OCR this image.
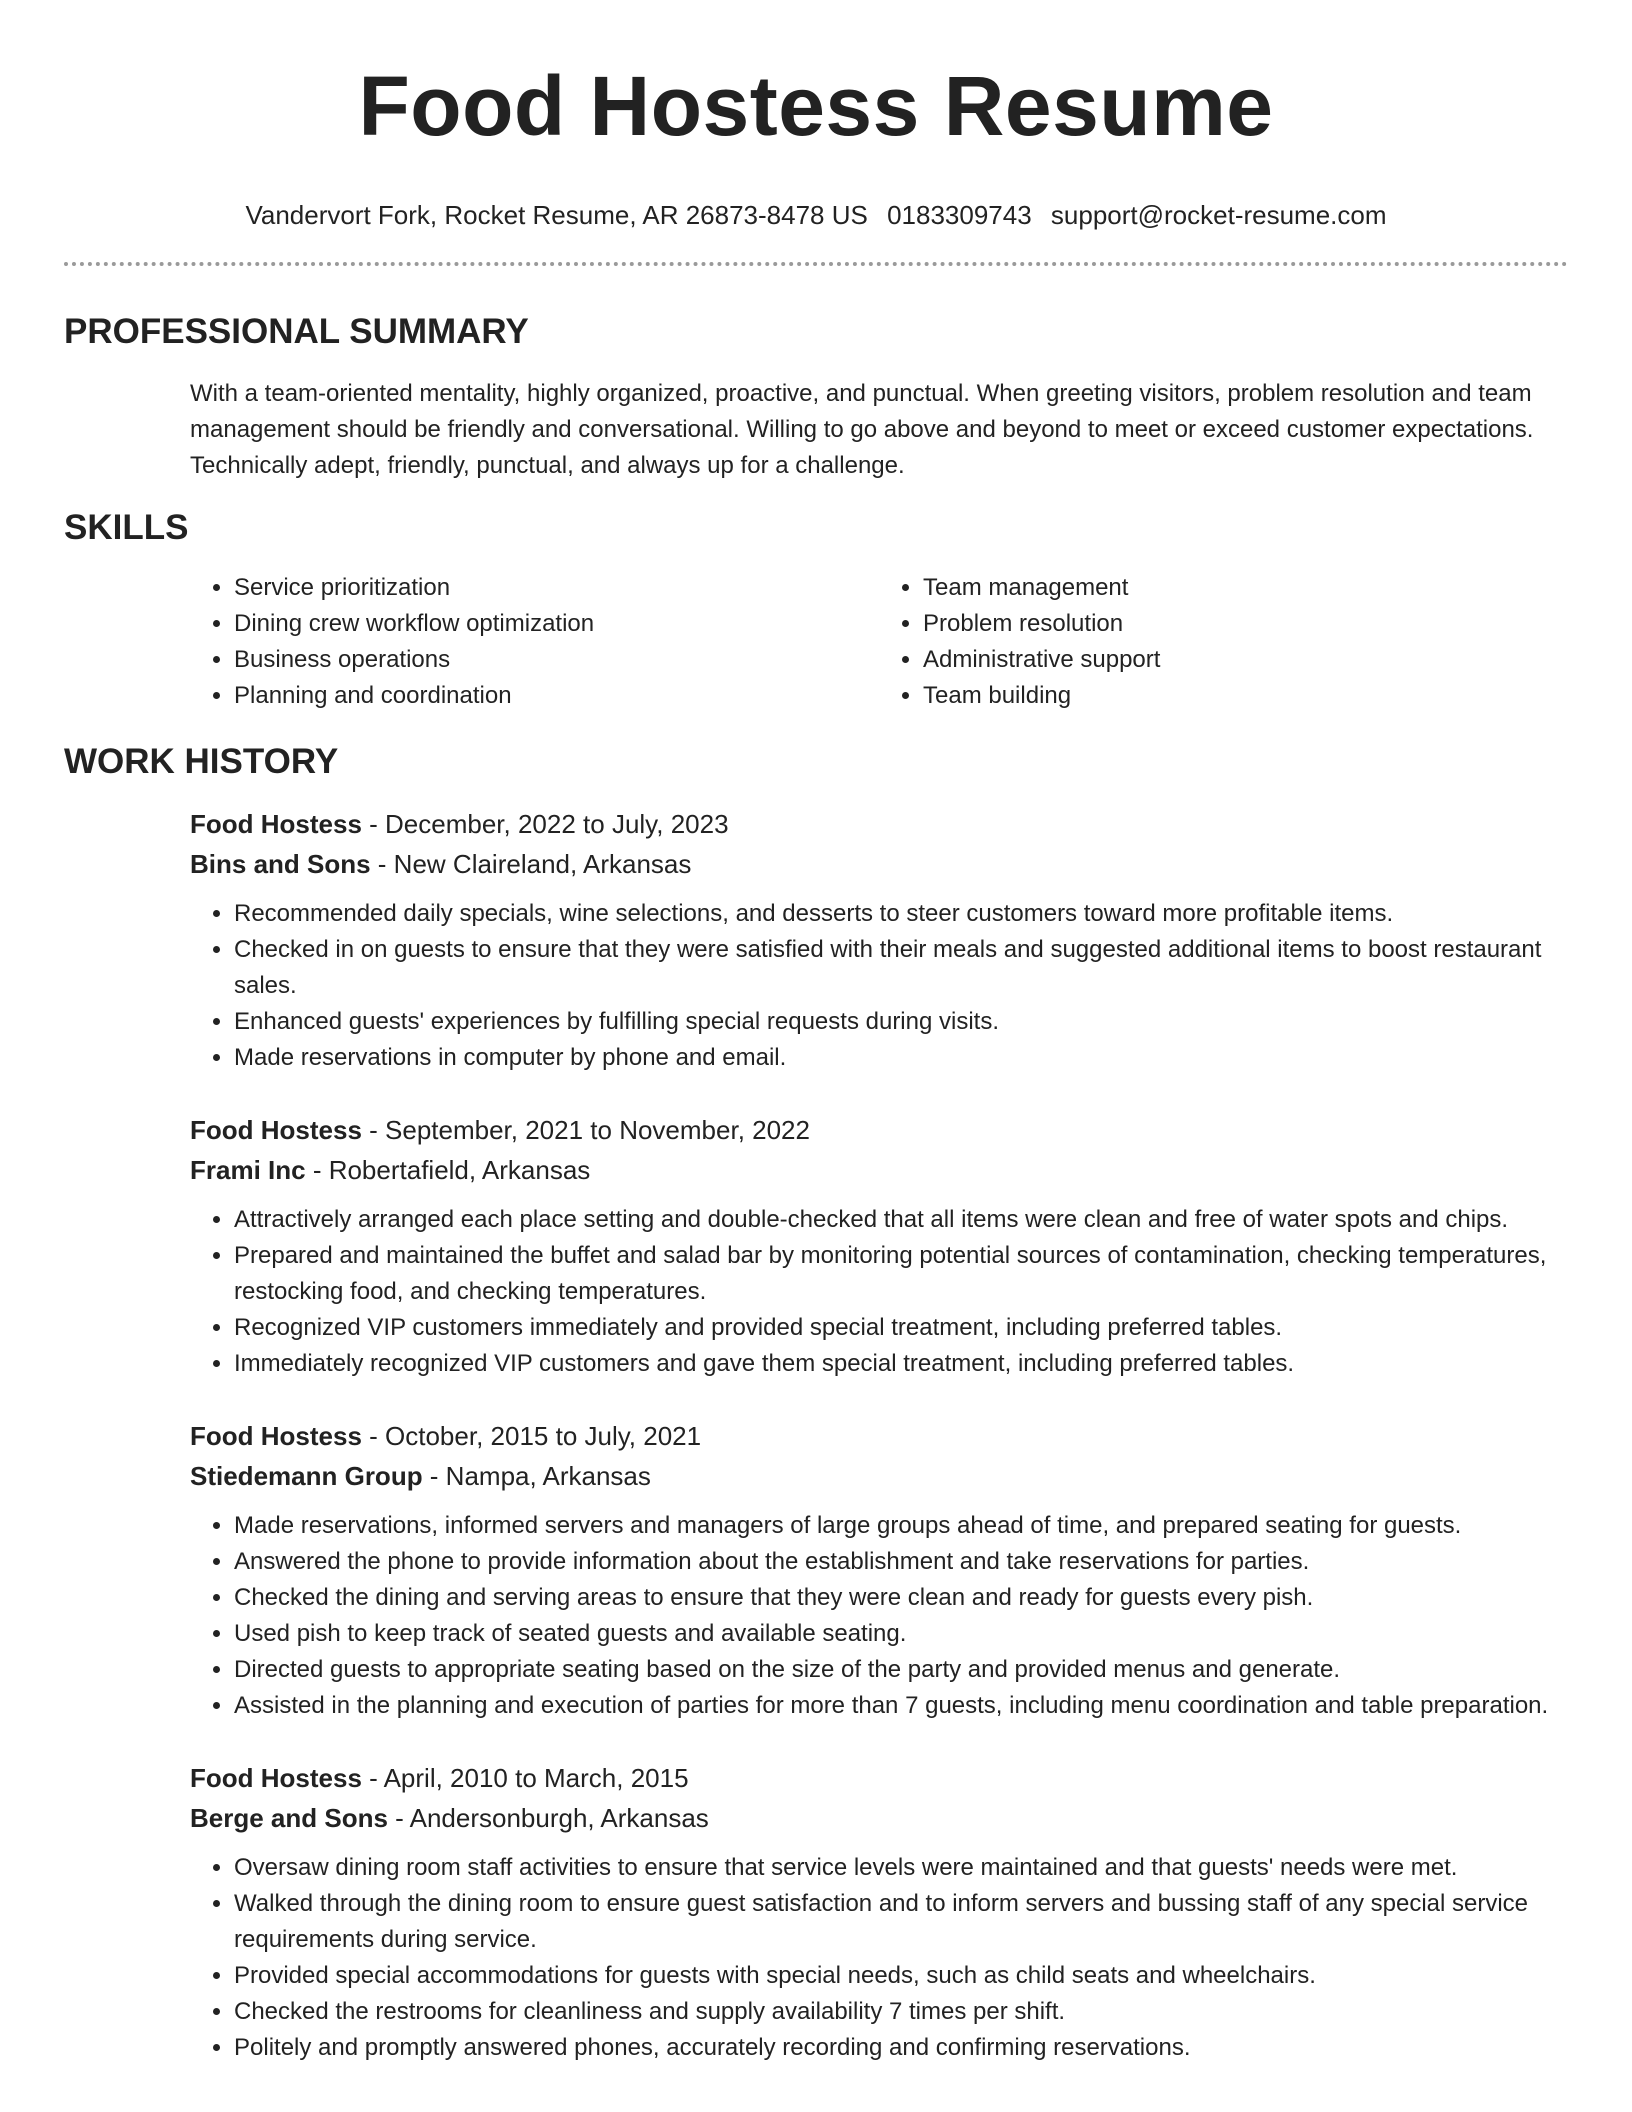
Food Hostess Resume
Vandervort Fork, Rocket Resume, AR 26873-8478 US 0183309743 support@rocket-resume.com
PROFESSIONAL SUMMARY

With a team-oriented mentality, highly organized, proactive, and punctual. When greeting visitors, problem resolution and team management should be friendly and conversational. Willing to go above and beyond to meet or exceed customer expectations. Technically adept, friendly, punctual, and always up for a challenge.

SKILLS
• Service prioritization
• Dining crew workflow optimization
• Business operations
• Planning and coordination
• Team management
• Problem resolution
• Administrative support
• Team building
WORK HISTORY
Food Hostess - December, 2022 to July, 2023
Bins and Sons - New Claireland, Arkansas
• Recommended daily specials, wine selections, and desserts to steer customers toward more profitable items.
• Checked in on guests to ensure that they were satisfied with their meals and suggested additional items to boost restaurant sales.
• Enhanced guests' experiences by fulfilling special requests during visits.
• Made reservations in computer by phone and email.
Food Hostess - September, 2021 to November, 2022
Frami Inc - Robertafield, Arkansas
• Attractively arranged each place setting and double-checked that all items were clean and free of water spots and chips.
• Prepared and maintained the buffet and salad bar by monitoring potential sources of contamination, checking temperatures, restocking food, and checking temperatures.
• Recognized VIP customers immediately and provided special treatment, including preferred tables.
• Immediately recognized VIP customers and gave them special treatment, including preferred tables.
Food Hostess - October, 2015 to July, 2021
Stiedemann Group - Nampa, Arkansas
• Made reservations, informed servers and managers of large groups ahead of time, and prepared seating for guests.
• Answered the phone to provide information about the establishment and take reservations for parties.
• Checked the dining and serving areas to ensure that they were clean and ready for guests every pish.
• Used pish to keep track of seated guests and available seating.
• Directed guests to appropriate seating based on the size of the party and provided menus and generate.
• Assisted in the planning and execution of parties for more than 7 guests, including menu coordination and table preparation.
Food Hostess - April, 2010 to March, 2015
Berge and Sons - Andersonburgh, Arkansas
• Oversaw dining room staff activities to ensure that service levels were maintained and that guests' needs were met.
• Walked through the dining room to ensure guest satisfaction and to inform servers and bussing staff of any special service requirements during service.
• Provided special accommodations for guests with special needs, such as child seats and wheelchairs.
• Checked the restrooms for cleanliness and supply availability 7 times per shift.
• Politely and promptly answered phones, accurately recording and confirming reservations.
